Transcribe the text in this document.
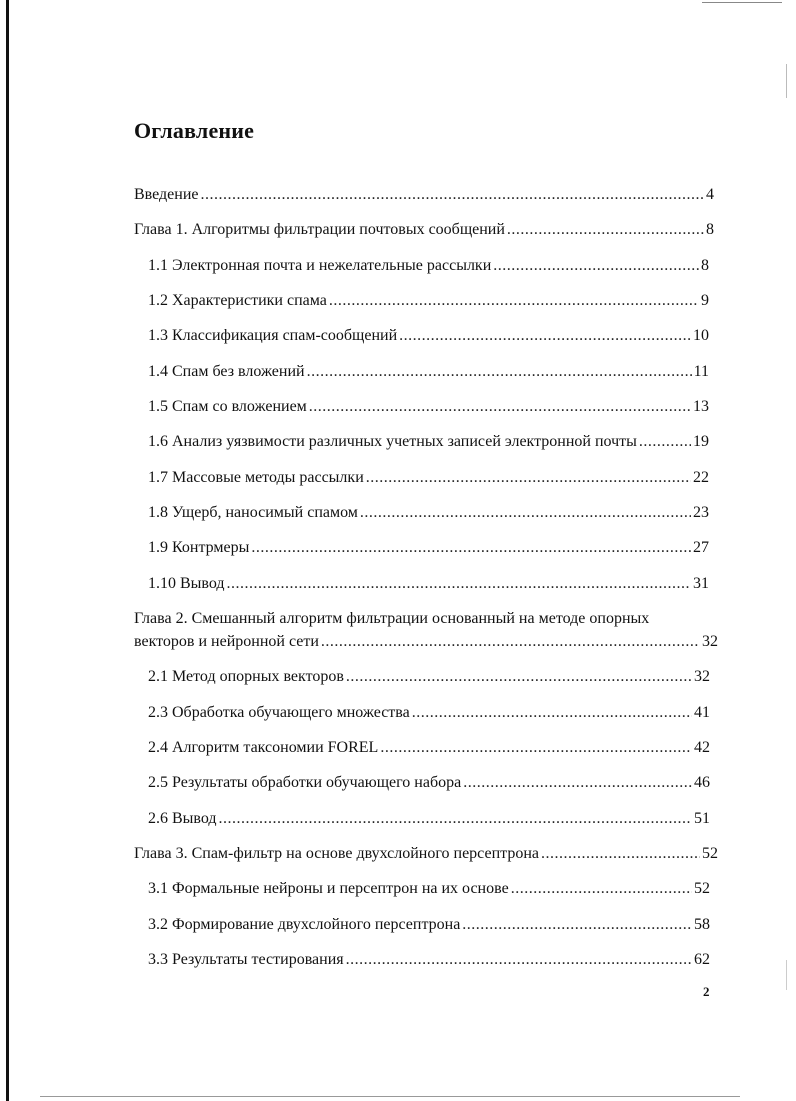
Оглавление
Введение .....	4
Глава 1. Алгоритмы фильтрации почтовых сообщений .....	8
1.1 Электронная почта и нежелательные рассылки .....	8
1.2 Характеристики спама .....	9
1.3 Классификация спам-сообщений .....	10
1.4 Спам без вложений .....	11
1.5 Спам со вложением .....	13
1.6 Анализ уязвимости различных учетных записей электронной почты .....	19
1.7 Массовые методы рассылки .....	22
1.8 Ущерб, наносимый спамом .....	23
1.9 Контрмеры .....	27
1.10 Вывод .....	31
Глава 2. Смешанный алгоритм фильтрации основанный на методе опорных
векторов и нейронной сети .....	32
2.1 Метод опорных векторов .....	32
2.3 Обработка обучающего множества .....	41
2.4 Алгоритм таксономии FOREL .....	42
2.5 Результаты обработки обучающего набора .....	46
2.6 Вывод .....	51
Глава 3. Спам-фильтр на основе двухслойного персептрона .....	52
3.1 Формальные нейроны и персептрон на их основе .....	52
3.2 Формирование двухслойного персептрона .....	58
3.3 Результаты тестирования .....	62
2
